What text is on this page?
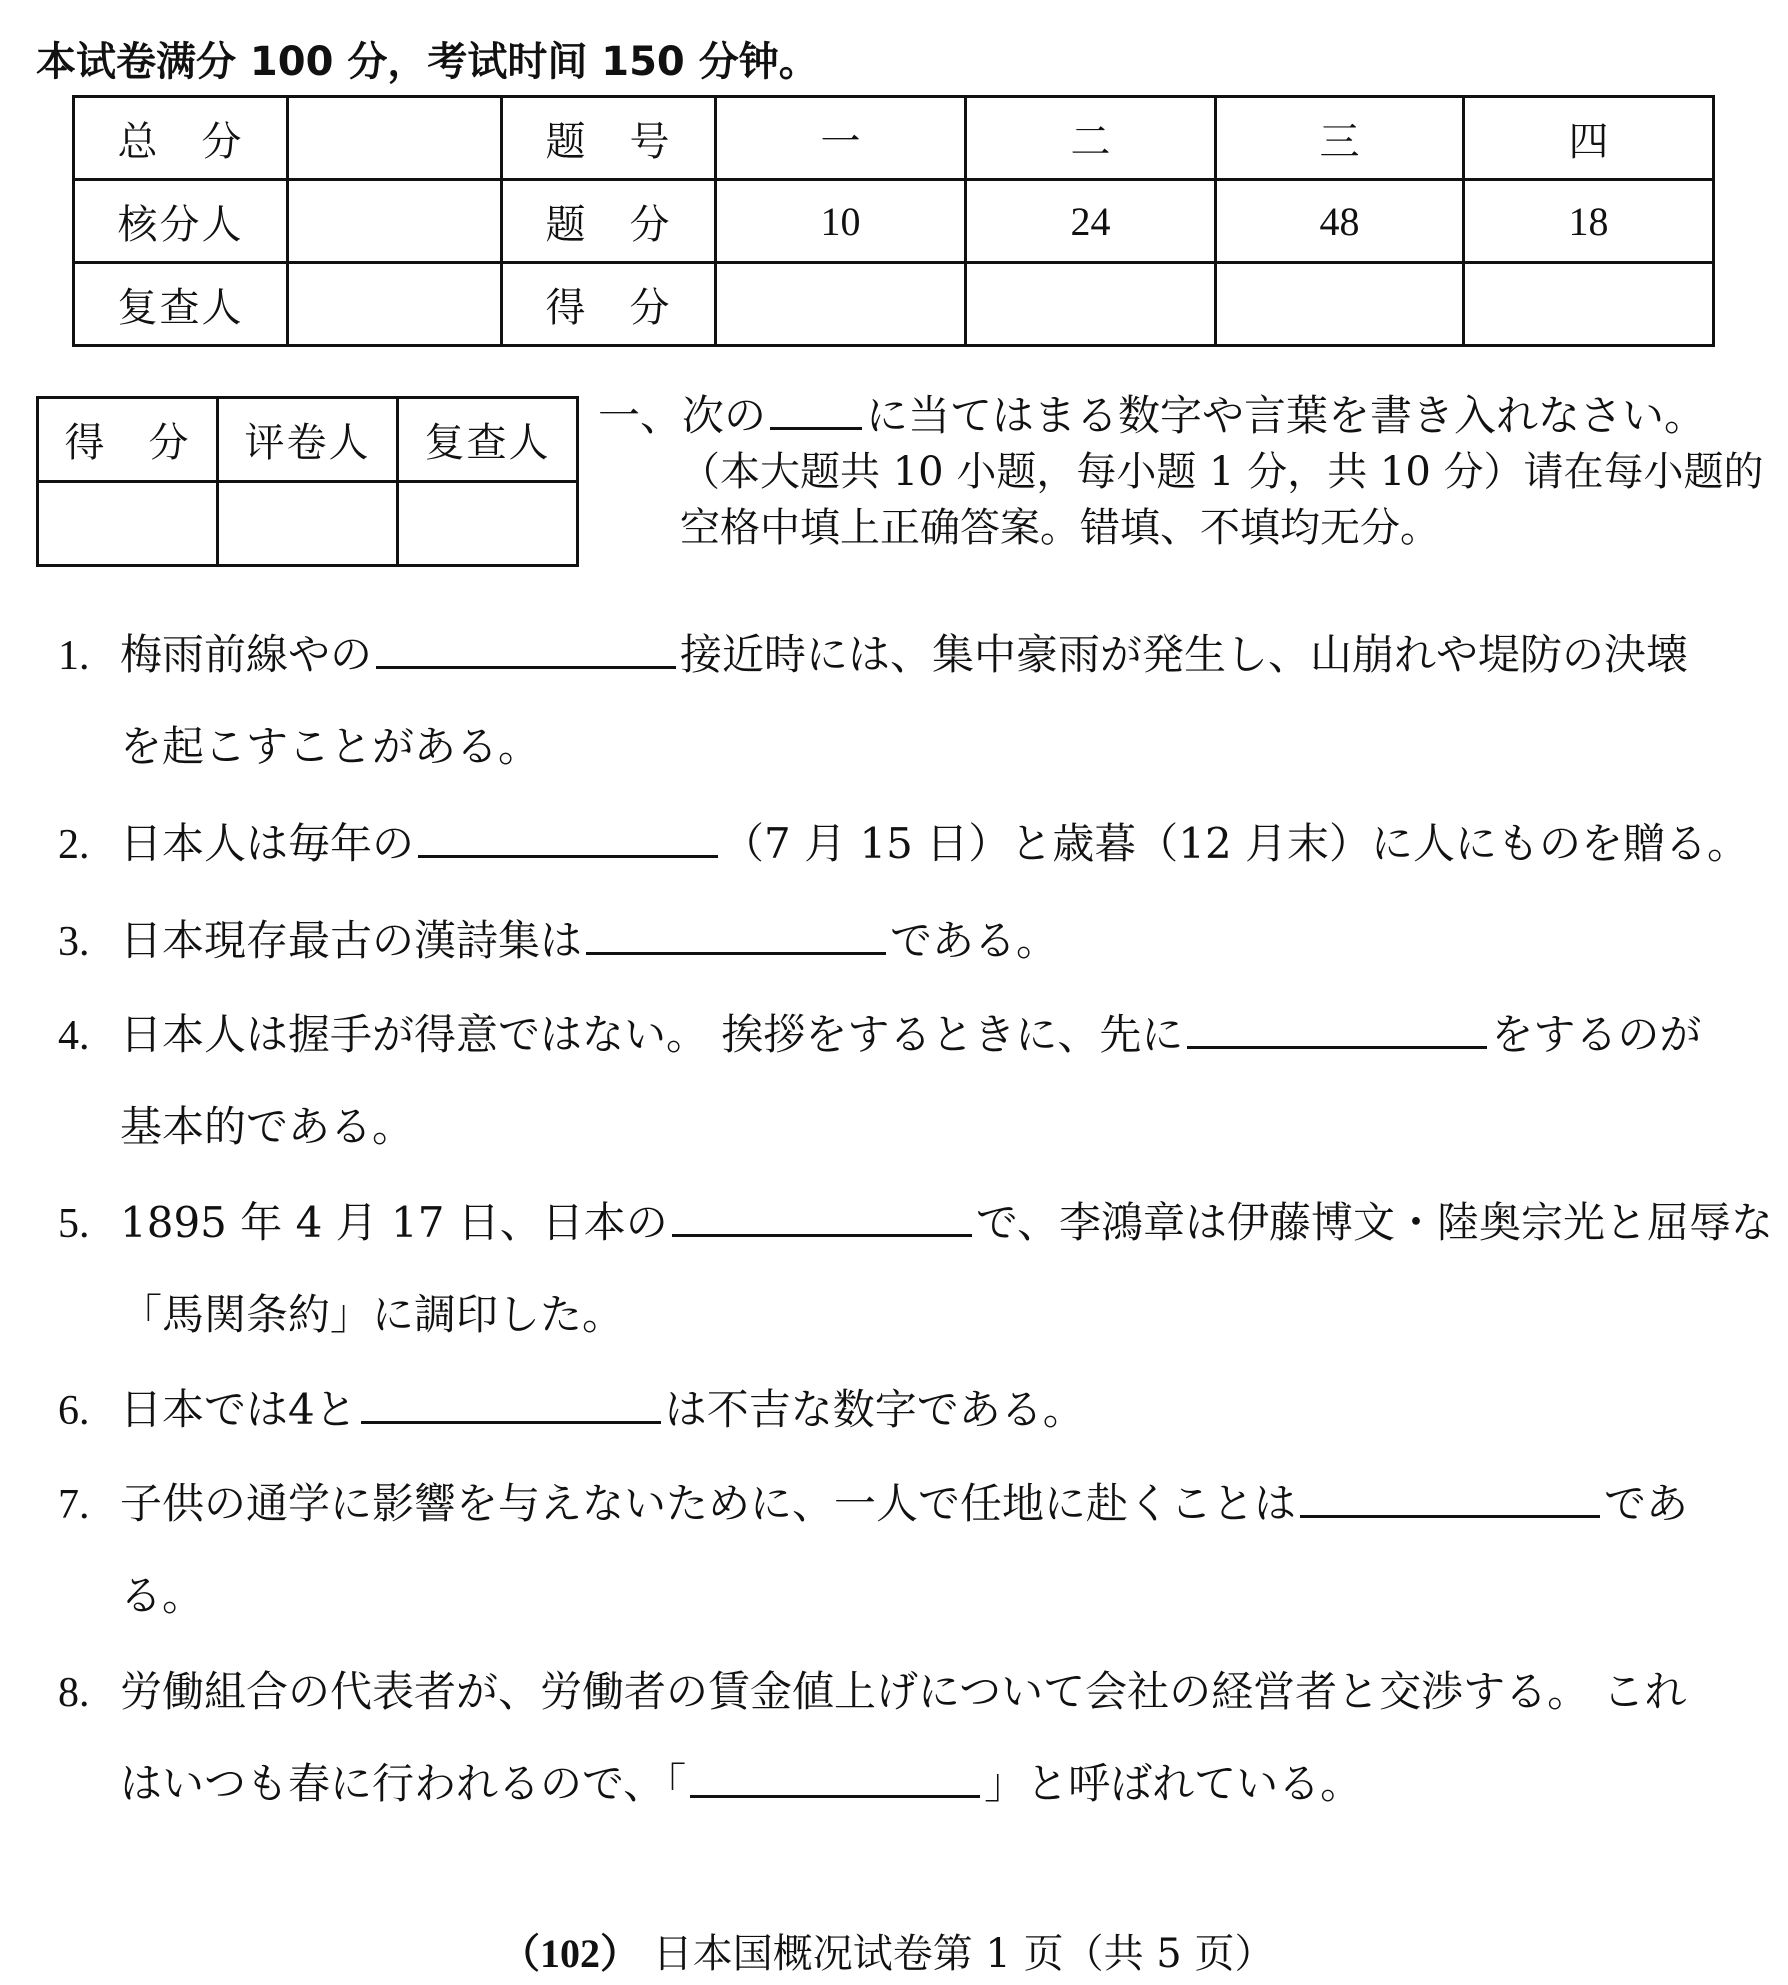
本试卷满分 100 分，考试时间 150 分钟。
总　分		题　号	一	二	三	四
核分人		题　分	10	24	48	18
复查人		得　分				
得　分	评卷人	复查人

一、次の に当てはまる数字や言葉を書き入れなさい。
（本大题共 10 小题，每小题 1 分，共 10 分）请在每小题的
空格中填上正确答案。错填、不填均无分。
1. 梅雨前線やの	接近時には、集中豪雨が発生し、山崩れや堤防の決壊
を起こすことがある。
2. 日本人は毎年の	（7 月 15 日）と歳暮（12 月末）に人にものを贈る。
3. 日本現存最古の漢詩集は	である。
4. 日本人は握手が得意ではない。 挨拶をするときに、先に	をするのが
基本的である。
5. 1895 年 4 月 17 日、日本の	で、李鴻章は伊藤博文・陸奥宗光と屈辱な
「馬関条約」に調印した。
6. 日本では4と	は不吉な数字である。
7. 子供の通学に影響を与えないために、一人で任地に赴くことは	であ
る。
8. 労働組合の代表者が、労働者の賃金値上げについて会社の経営者と交渉する。 これ
はいつも春に行われるので、「	」と呼ばれている。
（102） 日本国概况试卷第 1 页（共 5 页）
